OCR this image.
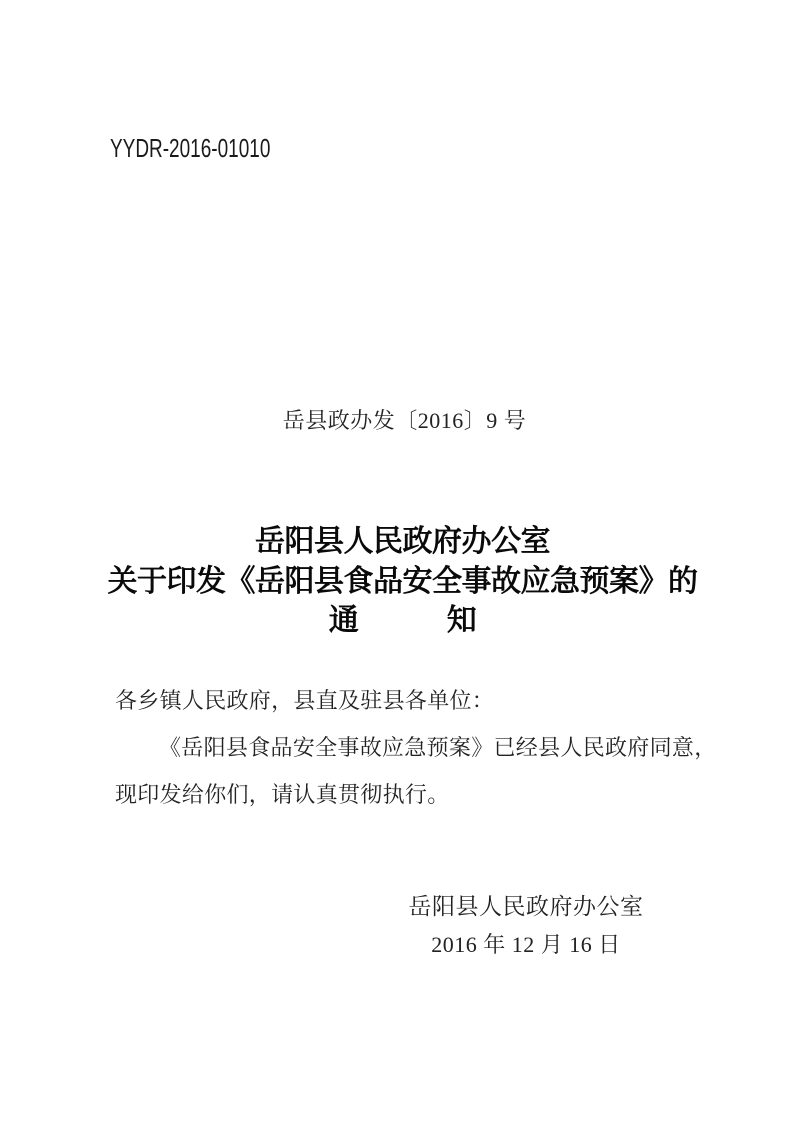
YYDR-2016-01010
岳县政办发〔2016〕9 号
岳阳县人民政府办公室
关于印发《岳阳县食品安全事故应急预案》的
通　　　知
各乡镇人民政府，县直及驻县各单位：
《岳阳县食品安全事故应急预案》已经县人民政府同意，
现印发给你们，请认真贯彻执行。
岳阳县人民政府办公室
2016 年 12 月 16 日
